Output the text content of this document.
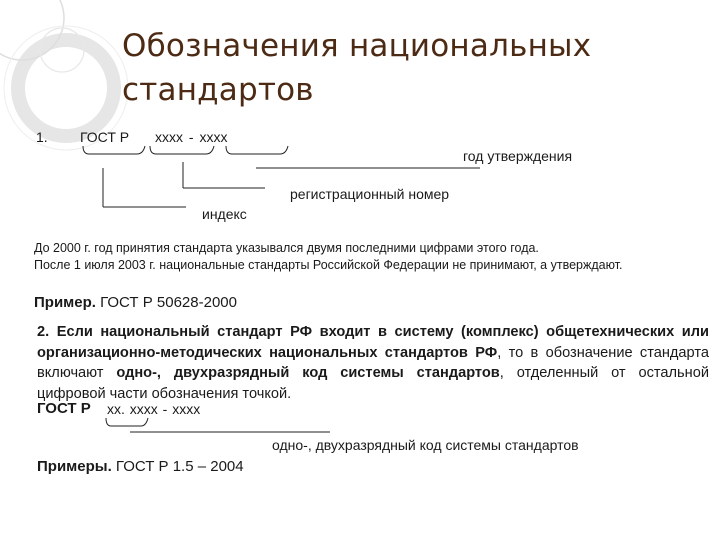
Обозначения национальных стандартов
1. ГОСТ Р хххх - хххх
год утверждения
регистрационный номер
индекс
До 2000 г. год принятия стандарта указывался двумя последними цифрами этого года.
После 1 июля 2003 г. национальные стандарты Российской Федерации не принимают, а утверждают.
Пример. ГОСТ Р 50628-2000
2. Если национальный стандарт РФ входит в систему (комплекс) общетехнических или организационно-методических национальных стандартов РФ, то в обозначение стандарта включают одно-, двухразрядный код системы стандартов, отделенный от остальной цифровой части обозначения точкой.
ГОСТ Р хх. хххх - хххх
одно-, двухразрядный код системы стандартов
Примеры. ГОСТ Р 1.5 – 2004
